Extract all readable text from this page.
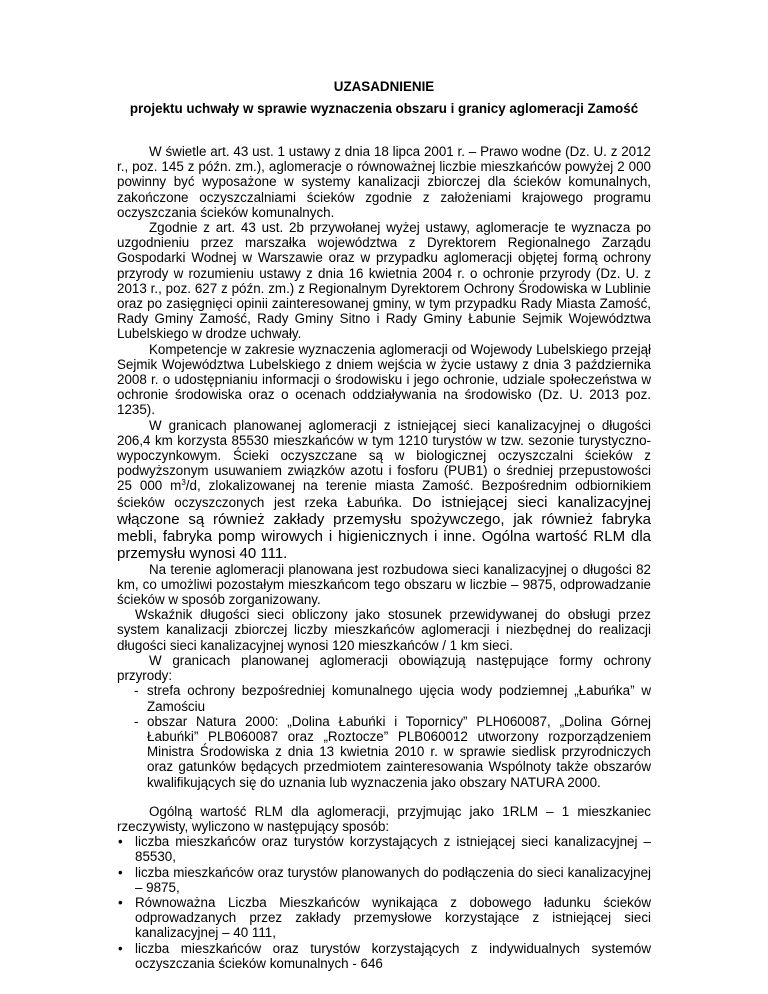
UZASADNIENIE
projektu uchwały w sprawie wyznaczenia obszaru i granicy aglomeracji Zamość

W świetle art. 43 ust. 1 ustawy z dnia 18 lipca 2001 r. – Prawo wodne (Dz. U. z 2012 r., poz. 145 z późn. zm.), aglomeracje o równoważnej liczbie mieszkańców powyżej 2 000 powinny być wyposażone w systemy kanalizacji zbiorczej dla ścieków komunalnych, zakończone oczyszczalniami ścieków zgodnie z założeniami krajowego programu oczyszczania ścieków komunalnych.

Zgodnie z art. 43 ust. 2b przywołanej wyżej ustawy, aglomeracje te wyznacza po uzgodnieniu przez marszałka województwa z Dyrektorem Regionalnego Zarządu Gospodarki Wodnej w Warszawie oraz w przypadku aglomeracji objętej formą ochrony przyrody w rozumieniu ustawy z dnia 16 kwietnia 2004 r. o ochronie przyrody (Dz. U. z 2013 r., poz. 627 z późn. zm.) z Regionalnym Dyrektorem Ochrony Środowiska w Lublinie oraz po zasięgnięci opinii zainteresowanej gminy, w tym przypadku Rady Miasta Zamość, Rady Gminy Zamość, Rady Gminy Sitno i Rady Gminy Łabunie Sejmik Województwa Lubelskiego w drodze uchwały.

Kompetencje w zakresie wyznaczenia aglomeracji od Wojewody Lubelskiego przejął Sejmik Województwa Lubelskiego z dniem wejścia w życie ustawy z dnia 3 października 2008 r. o udostępnianiu informacji o środowisku i jego ochronie, udziale społeczeństwa w ochronie środowiska oraz o ocenach oddziaływania na środowisko (Dz. U. 2013 poz. 1235).

W granicach planowanej aglomeracji z istniejącej sieci kanalizacyjnej o długości 206,4 km korzysta 85530 mieszkańców w tym 1210 turystów w tzw. sezonie turystyczno-wypoczynkowym. Ścieki oczyszczane są w biologicznej oczyszczalni ścieków z podwyższonym usuwaniem związków azotu i fosforu (PUB1) o średniej przepustowości 25 000 $m^3/d$, zlokalizowanej na terenie miasta Zamość. Bezpośrednim odbiornikiem ścieków oczyszczonych jest rzeka Łabuńka. Do istniejącej sieci kanalizacyjnej włączone są również zakłady przemysłu spożywczego, jak również fabryka mebli, fabryka pomp wirowych i higienicznych i inne. Ogólna wartość RLM dla przemysłu wynosi 40 111.

Na terenie aglomeracji planowana jest rozbudowa sieci kanalizacyjnej o długości 82 km, co umożliwi pozostałym mieszkańcom tego obszaru w liczbie – 9875, odprowadzanie ścieków w sposób zorganizowany.

Wskaźnik długości sieci obliczony jako stosunek przewidywanej do obsługi przez system kanalizacji zbiorczej liczby mieszkańców aglomeracji i niezbędnej do realizacji długości sieci kanalizacyjnej wynosi 120 mieszkańców / 1 km sieci.

W granicach planowanej aglomeracji obowiązują następujące formy ochrony przyrody:

- strefa ochrony bezpośredniej komunalnego ujęcia wody podziemnej „Łabuńka” w Zamościu
- obszar Natura 2000: „Dolina Łabuńki i Topornicy” PLH060087, „Dolina Górnej Łabuńki” PLB060087 oraz „Roztocze” PLB060012 utworzony rozporządzeniem Ministra Środowiska z dnia 13 kwietnia 2010 r. w sprawie siedlisk przyrodniczych oraz gatunków będących przedmiotem zainteresowania Wspólnoty także obszarów kwalifikujących się do uznania lub wyznaczenia jako obszary NATURA 2000.

Ogólną wartość RLM dla aglomeracji, przyjmując jako 1RLM – 1 mieszkaniec rzeczywisty, wyliczono w następujący sposób:

• liczba mieszkańców oraz turystów korzystających z istniejącej sieci kanalizacyjnej – 85530,
• liczba mieszkańców oraz turystów planowanych do podłączenia do sieci kanalizacyjnej – 9875,
• Równoważna Liczba Mieszkańców wynikająca z dobowego ładunku ścieków odprowadzanych przez zakłady przemysłowe korzystające z istniejącej sieci kanalizacyjnej – 40 111,
• liczba mieszkańców oraz turystów korzystających z indywidualnych systemów oczyszczania ścieków komunalnych - 646
